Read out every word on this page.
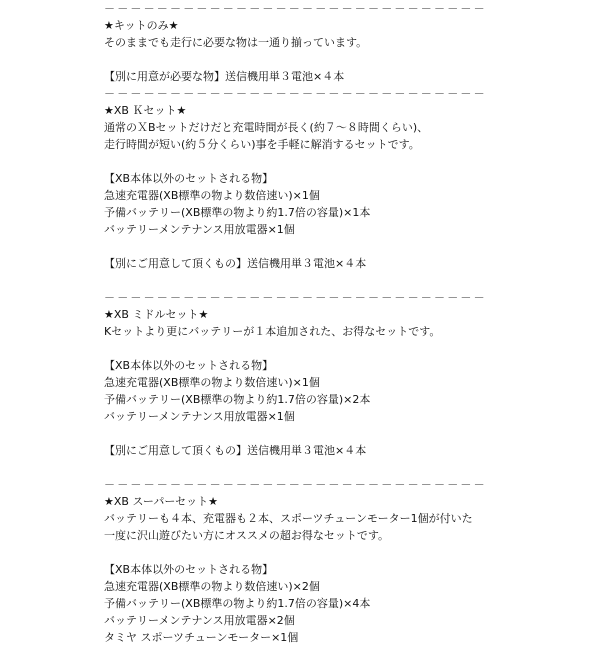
－－－－－－－－－－－－－－－－－－－－－－－－－－－－－
★キットのみ★
そのままでも走行に必要な物は一通り揃っています。
【別に用意が必要な物】送信機用単３電池×４本
－－－－－－－－－－－－－－－－－－－－－－－－－－－－－
★XB Ｋセット★
通常のＸBセットだけだと充電時間が長く(約７～８時間くらい)、
走行時間が短い(約５分くらい)事を手軽に解消するセットです。
【XB本体以外のセットされる物】
急速充電器(XB標準の物より数倍速い)×1個
予備バッテリー(XB標準の物より約1.7倍の容量)×1本
バッテリーメンテナンス用放電器×1個
【別にご用意して頂くもの】送信機用単３電池×４本
－－－－－－－－－－－－－－－－－－－－－－－－－－－－－
★XB ミドルセット★
Kセットより更にバッテリーが１本追加された、お得なセットです。
【XB本体以外のセットされる物】
急速充電器(XB標準の物より数倍速い)×1個
予備バッテリー(XB標準の物より約1.7倍の容量)×2本
バッテリーメンテナンス用放電器×1個
【別にご用意して頂くもの】送信機用単３電池×４本
－－－－－－－－－－－－－－－－－－－－－－－－－－－－－
★XB スーパーセット★
バッテリーも４本、充電器も２本、スポーツチューンモーター1個が付いた
一度に沢山遊びたい方にオススメの超お得なセットです。
【XB本体以外のセットされる物】
急速充電器(XB標準の物より数倍速い)×2個
予備バッテリー(XB標準の物より約1.7倍の容量)×4本
バッテリーメンテナンス用放電器×2個
タミヤ スポーツチューンモーター×1個
